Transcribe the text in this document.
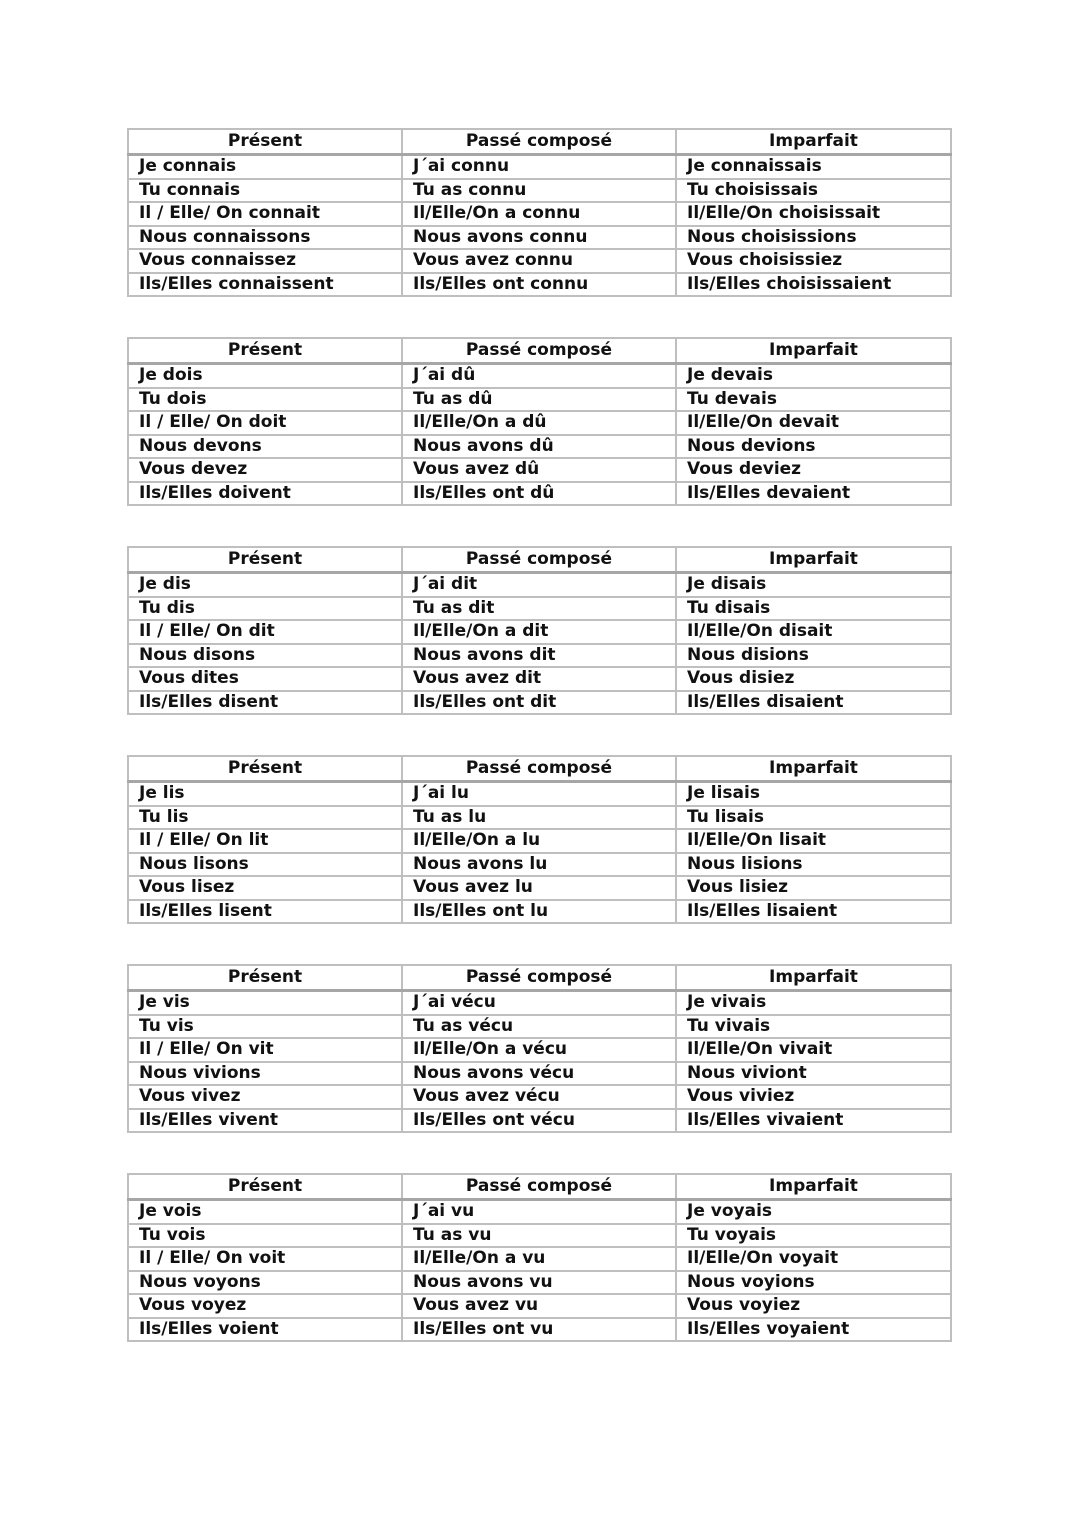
Présent	Passé composé	Imparfait
Je connais	J´ai connu	Je connaissais
Tu connais	Tu as connu	Tu choisissais
Il / Elle/ On connait	Il/Elle/On a connu	Il/Elle/On choisissait
Nous connaissons	Nous avons connu	Nous choisissions
Vous connaissez	Vous avez connu	Vous choisissiez
Ils/Elles connaissent	Ils/Elles ont connu	Ils/Elles choisissaient
Présent	Passé composé	Imparfait
Je dois	J´ai dû	Je devais
Tu dois	Tu as dû	Tu devais
Il / Elle/ On doit	Il/Elle/On a dû	Il/Elle/On devait
Nous devons	Nous avons dû	Nous devions
Vous devez	Vous avez dû	Vous deviez
Ils/Elles doivent	Ils/Elles ont dû	Ils/Elles devaient
Présent	Passé composé	Imparfait
Je dis	J´ai dit	Je disais
Tu dis	Tu as dit	Tu disais
Il / Elle/ On dit	Il/Elle/On a dit	Il/Elle/On disait
Nous disons	Nous avons dit	Nous disions
Vous dites	Vous avez dit	Vous disiez
Ils/Elles disent	Ils/Elles ont dit	Ils/Elles disaient
Présent	Passé composé	Imparfait
Je lis	J´ai lu	Je lisais
Tu lis	Tu as lu	Tu lisais
Il / Elle/ On lit	Il/Elle/On a lu	Il/Elle/On lisait
Nous lisons	Nous avons lu	Nous lisions
Vous lisez	Vous avez lu	Vous lisiez
Ils/Elles lisent	Ils/Elles ont lu	Ils/Elles lisaient
Présent	Passé composé	Imparfait
Je vis	J´ai vécu	Je vivais
Tu vis	Tu as vécu	Tu vivais
Il / Elle/ On vit	Il/Elle/On a vécu	Il/Elle/On vivait
Nous vivions	Nous avons vécu	Nous viviont
Vous vivez	Vous avez vécu	Vous viviez
Ils/Elles vivent	Ils/Elles ont vécu	Ils/Elles vivaient
Présent	Passé composé	Imparfait
Je vois	J´ai vu	Je voyais
Tu vois	Tu as vu	Tu voyais
Il / Elle/ On voit	Il/Elle/On a vu	Il/Elle/On voyait
Nous voyons	Nous avons vu	Nous voyions
Vous voyez	Vous avez vu	Vous voyiez
Ils/Elles voient	Ils/Elles ont vu	Ils/Elles voyaient
